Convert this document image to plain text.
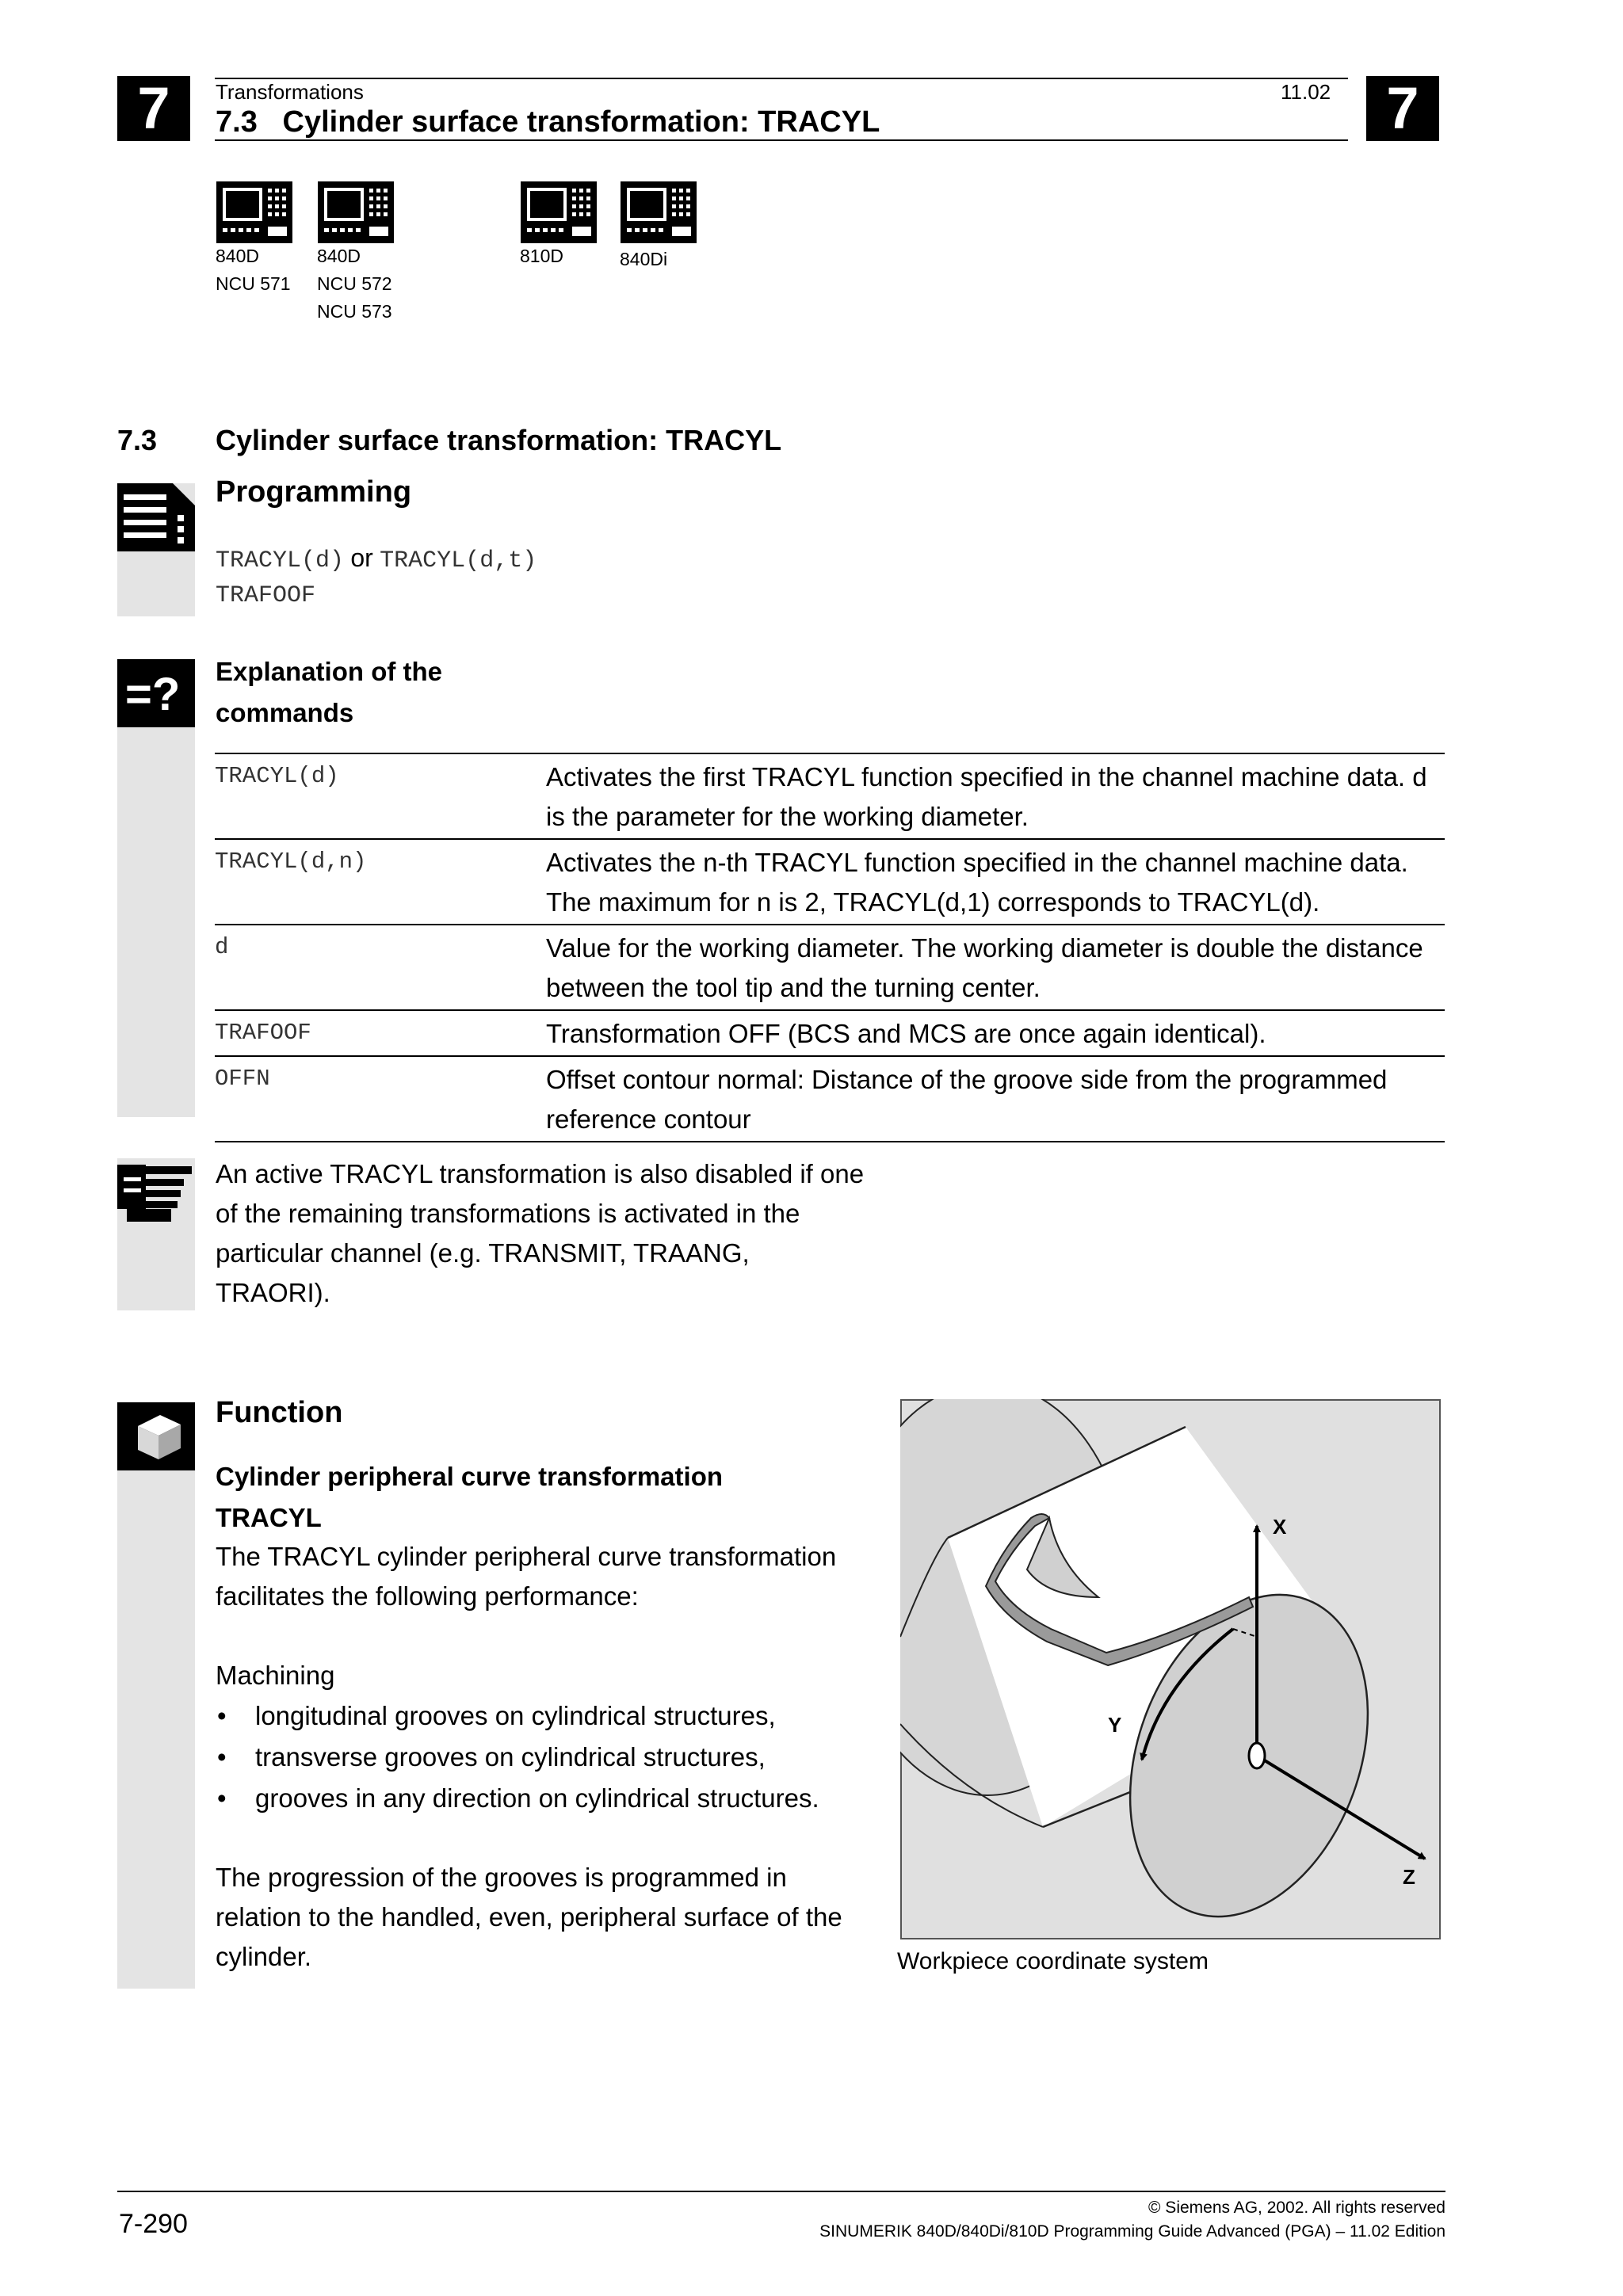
7	7
Transformations	11.02
7.3   Cylinder surface transformation: TRACYL
840D
NCU 571
840D
NCU 572
NCU 573
810D	840Di
7.3 Cylinder surface transformation: TRACYL
Programming
TRACYL(d) or TRACYL(d,t)
TRAFOOF
=? Explanation of the
commands
TRACYL(d)	Activates the first TRACYL function specified in the channel machine data. d is the parameter for the working diameter.
TRACYL(d,n)	Activates the n-th TRACYL function specified in the channel machine data. The maximum for n is 2, TRACYL(d,1) corresponds to TRACYL(d).
d	Value for the working diameter. The working diameter is double the distance between the tool tip and the turning center.
TRAFOOF	Transformation OFF (BCS and MCS are once again identical).
OFFN	Offset contour normal: Distance of the groove side from the programmed reference contour
An active TRACYL transformation is also disabled if one of the remaining transformations is activated in the particular channel (e.g. TRANSMIT, TRAANG, TRAORI).
Function
Cylinder peripheral curve transformation TRACYL
The TRACYL cylinder peripheral curve transformation facilitates the following performance:
Machining
• longitudinal grooves on cylindrical structures,
• transverse grooves on cylindrical structures,
• grooves in any direction on cylindrical structures.
The progression of the grooves is programmed in relation to the handled, even, peripheral surface of the cylinder.
X
Y
Z
Workpiece coordinate system
7-290
© Siemens AG, 2002. All rights reserved
SINUMERIK 840D/840Di/810D Programming Guide Advanced (PGA) – 11.02 Edition
